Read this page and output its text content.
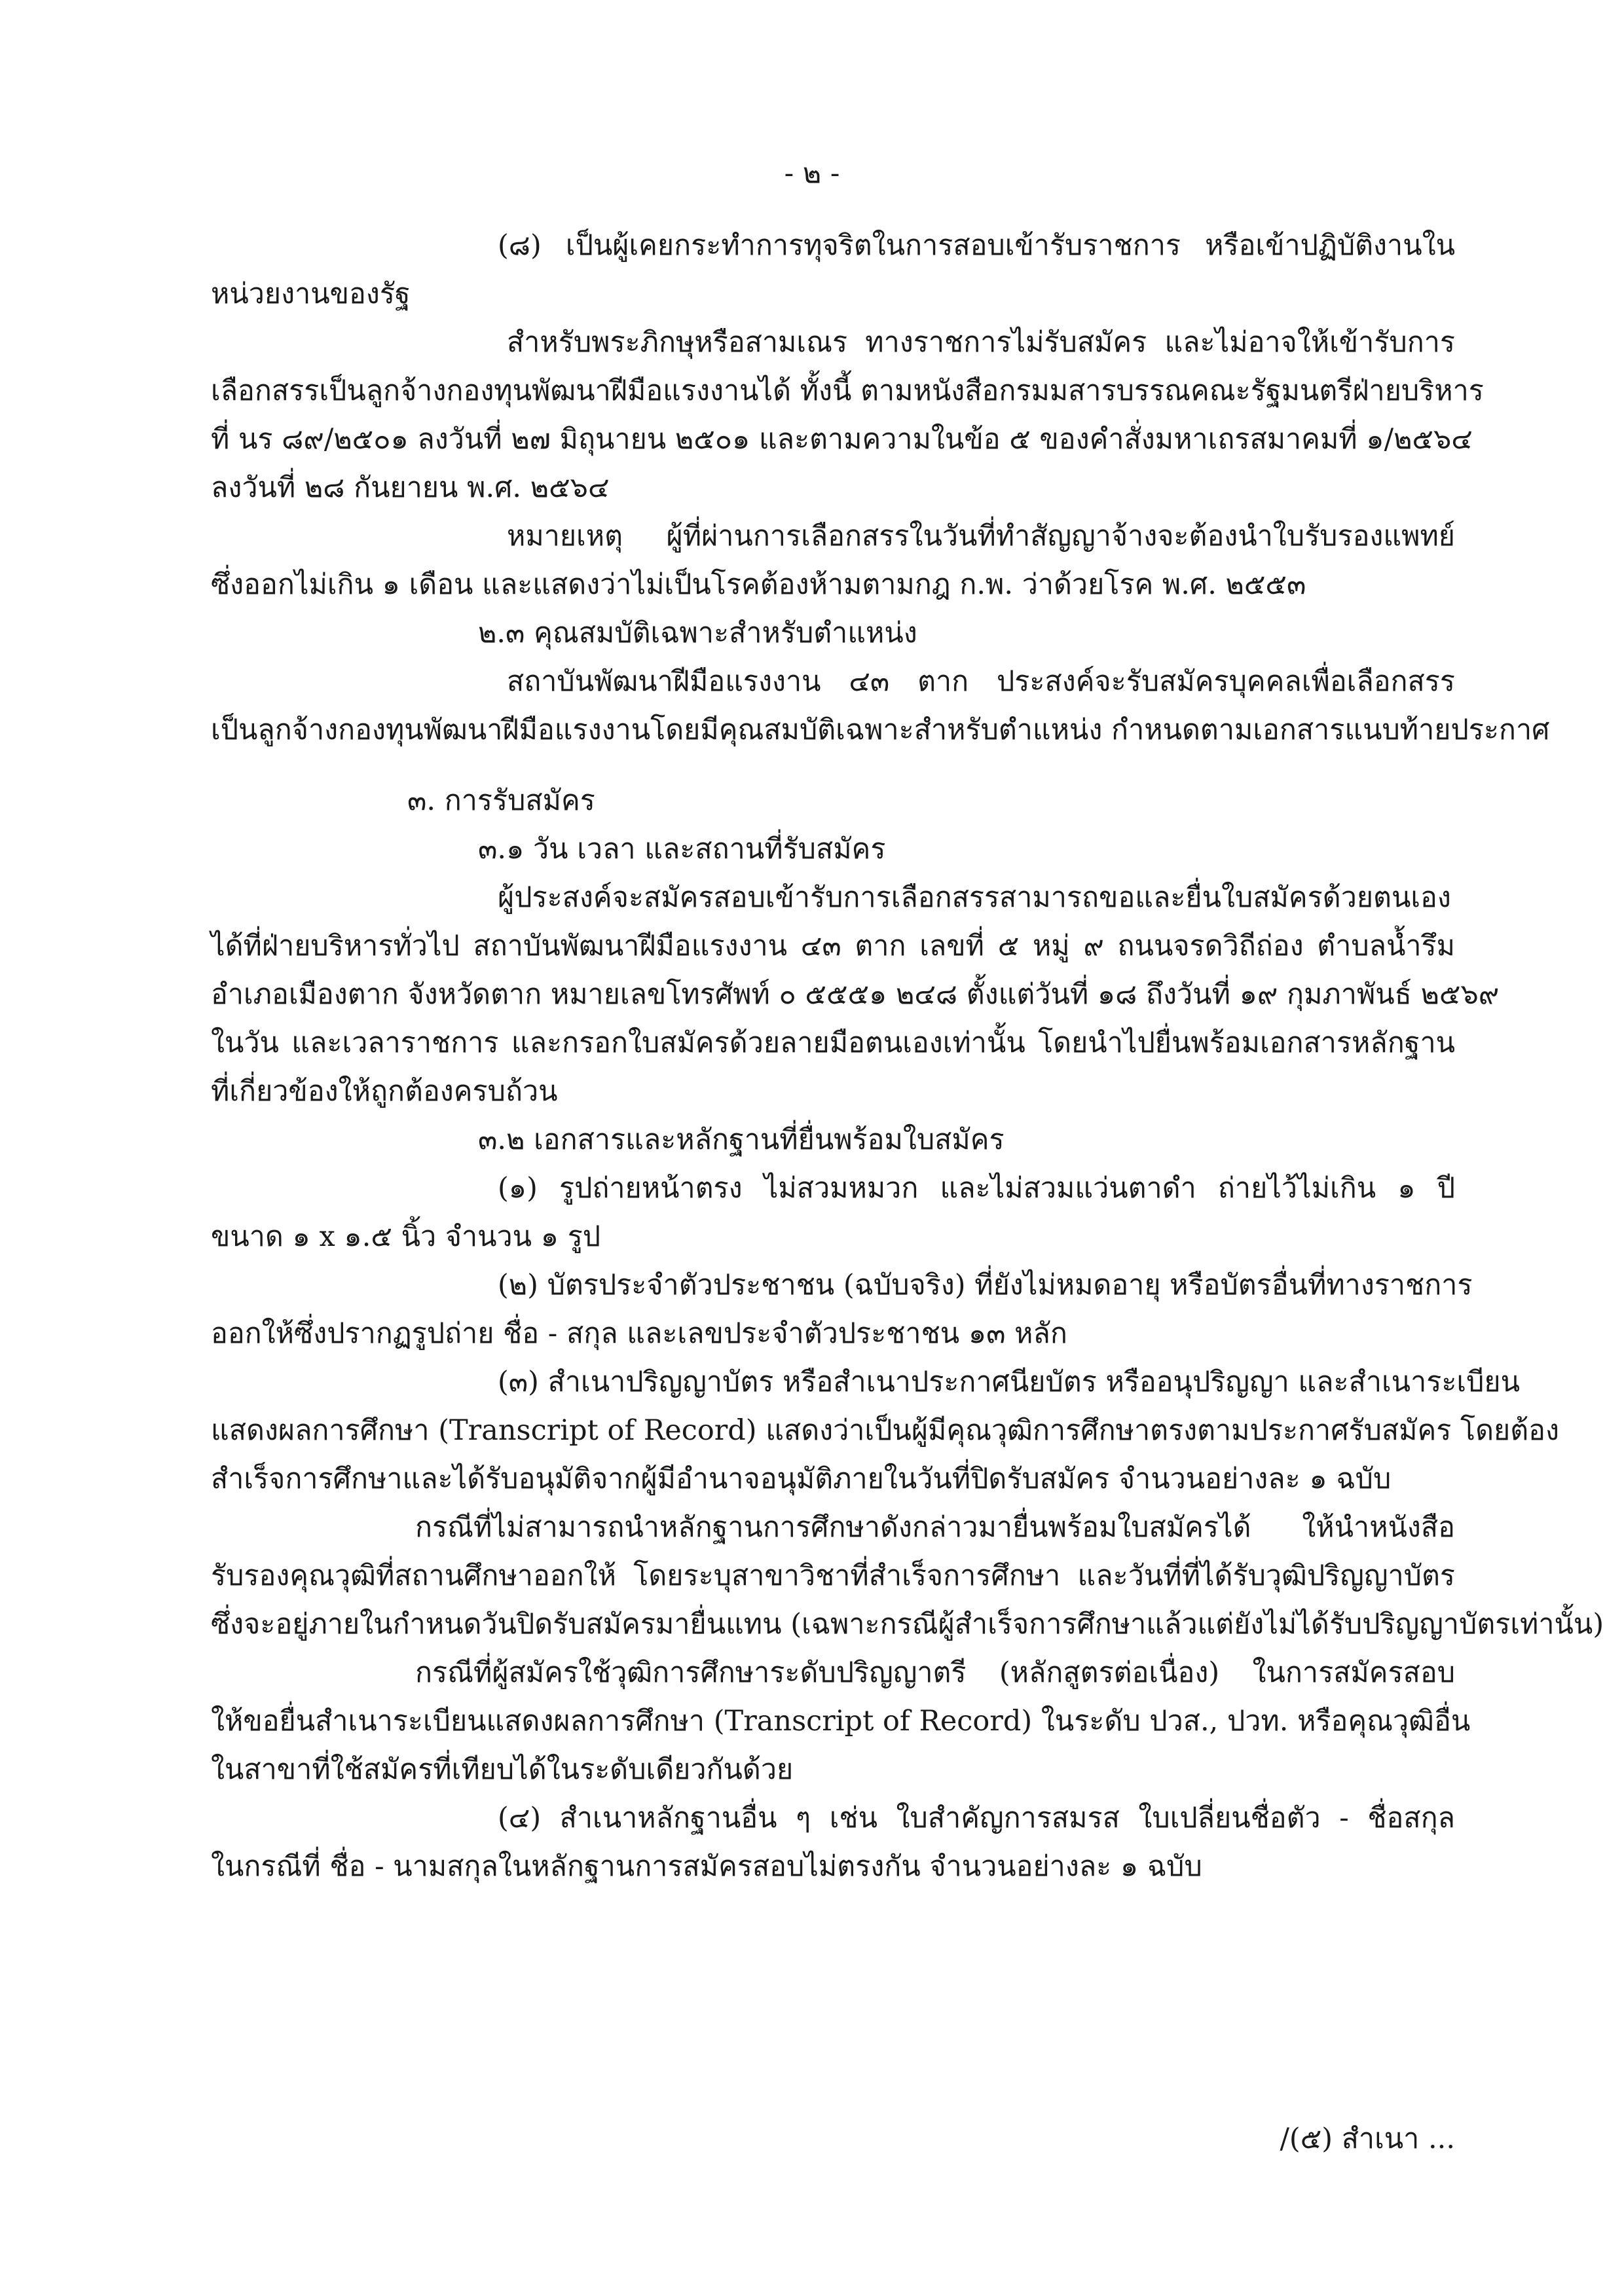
- ๒ -
(๘) เป็นผู้เคยกระทำการทุจริตในการสอบเข้ารับราชการ หรือเข้าปฏิบัติงานใน
หน่วยงานของรัฐ
สำหรับพระภิกษุหรือสามเณร ทางราชการไม่รับสมัคร และไม่อาจให้เข้ารับการ
เลือกสรรเป็นลูกจ้างกองทุนพัฒนาฝีมือแรงงานได้ ทั้งนี้ ตามหนังสือกรมมสารบรรณคณะรัฐมนตรีฝ่ายบริหาร
ที่ นร ๘๙/๒๕๐๑ ลงวันที่ ๒๗ มิถุนายน ๒๕๐๑ และตามความในข้อ ๕ ของคำสั่งมหาเถรสมาคมที่ ๑/๒๕๖๔
ลงวันที่ ๒๘ กันยายน พ.ศ. ๒๕๖๔
หมายเหตุ ผู้ที่ผ่านการเลือกสรรในวันที่ทำสัญญาจ้างจะต้องนำใบรับรองแพทย์
ซึ่งออกไม่เกิน ๑ เดือน และแสดงว่าไม่เป็นโรคต้องห้ามตามกฎ ก.พ. ว่าด้วยโรค พ.ศ. ๒๕๕๓
๒.๓ คุณสมบัติเฉพาะสำหรับตำแหน่ง
สถาบันพัฒนาฝีมือแรงงาน ๔๓ ตาก ประสงค์จะรับสมัครบุคคลเพื่อเลือกสรร
เป็นลูกจ้างกองทุนพัฒนาฝีมือแรงงานโดยมีคุณสมบัติเฉพาะสำหรับตำแหน่ง กำหนดตามเอกสารแนบท้ายประกาศ
๓. การรับสมัคร
๓.๑ วัน เวลา และสถานที่รับสมัคร
ผู้ประสงค์จะสมัครสอบเข้ารับการเลือกสรรสามารถขอและยื่นใบสมัครด้วยตนเอง
ได้ที่ฝ่ายบริหารทั่วไป สถาบันพัฒนาฝีมือแรงงาน ๔๓ ตาก เลขที่ ๕ หมู่ ๙ ถนนจรดวิถีถ่อง ตำบลน้ำรึม
อำเภอเมืองตาก จังหวัดตาก หมายเลขโทรศัพท์ ๐ ๕๕๕๑ ๒๔๘ ตั้งแต่วันที่ ๑๘ ถึงวันที่ ๑๙ กุมภาพันธ์ ๒๕๖๙
ในวัน และเวลาราชการ และกรอกใบสมัครด้วยลายมือตนเองเท่านั้น โดยนำไปยื่นพร้อมเอกสารหลักฐาน
ที่เกี่ยวข้องให้ถูกต้องครบถ้วน
๓.๒ เอกสารและหลักฐานที่ยื่นพร้อมใบสมัคร
(๑) รูปถ่ายหน้าตรง ไม่สวมหมวก และไม่สวมแว่นตาดำ ถ่ายไว้ไม่เกิน ๑ ปี
ขนาด ๑ x ๑.๕ นิ้ว จำนวน ๑ รูป
(๒) บัตรประจำตัวประชาชน (ฉบับจริง) ที่ยังไม่หมดอายุ หรือบัตรอื่นที่ทางราชการ
ออกให้ซึ่งปรากฏรูปถ่าย ชื่อ - สกุล และเลขประจำตัวประชาชน ๑๓ หลัก
(๓) สำเนาปริญญาบัตร หรือสำเนาประกาศนียบัตร หรืออนุปริญญา และสำเนาระเบียน
แสดงผลการศึกษา (Transcript of Record) แสดงว่าเป็นผู้มีคุณวุฒิการศึกษาตรงตามประกาศรับสมัคร โดยต้อง
สำเร็จการศึกษาและได้รับอนุมัติจากผู้มีอำนาจอนุมัติภายในวันที่ปิดรับสมัคร จำนวนอย่างละ ๑ ฉบับ
กรณีที่ไม่สามารถนำหลักฐานการศึกษาดังกล่าวมายื่นพร้อมใบสมัครได้ ให้นำหนังสือ
รับรองคุณวุฒิที่สถานศึกษาออกให้ โดยระบุสาขาวิชาที่สำเร็จการศึกษา และวันที่ที่ได้รับวุฒิปริญญาบัตร
ซึ่งจะอยู่ภายในกำหนดวันปิดรับสมัครมายื่นแทน (เฉพาะกรณีผู้สำเร็จการศึกษาแล้วแต่ยังไม่ได้รับปริญญาบัตรเท่านั้น)
กรณีที่ผู้สมัครใช้วุฒิการศึกษาระดับปริญญาตรี (หลักสูตรต่อเนื่อง) ในการสมัครสอบ
ให้ขอยื่นสำเนาระเบียนแสดงผลการศึกษา (Transcript of Record) ในระดับ ปวส., ปวท. หรือคุณวุฒิอื่น
ในสาขาที่ใช้สมัครที่เทียบได้ในระดับเดียวกันด้วย
(๔) สำเนาหลักฐานอื่น ๆ เช่น ใบสำคัญการสมรส ใบเปลี่ยนชื่อตัว - ชื่อสกุล
ในกรณีที่ ชื่อ - นามสกุลในหลักฐานการสมัครสอบไม่ตรงกัน จำนวนอย่างละ ๑ ฉบับ
/(๕) สำเนา ...
